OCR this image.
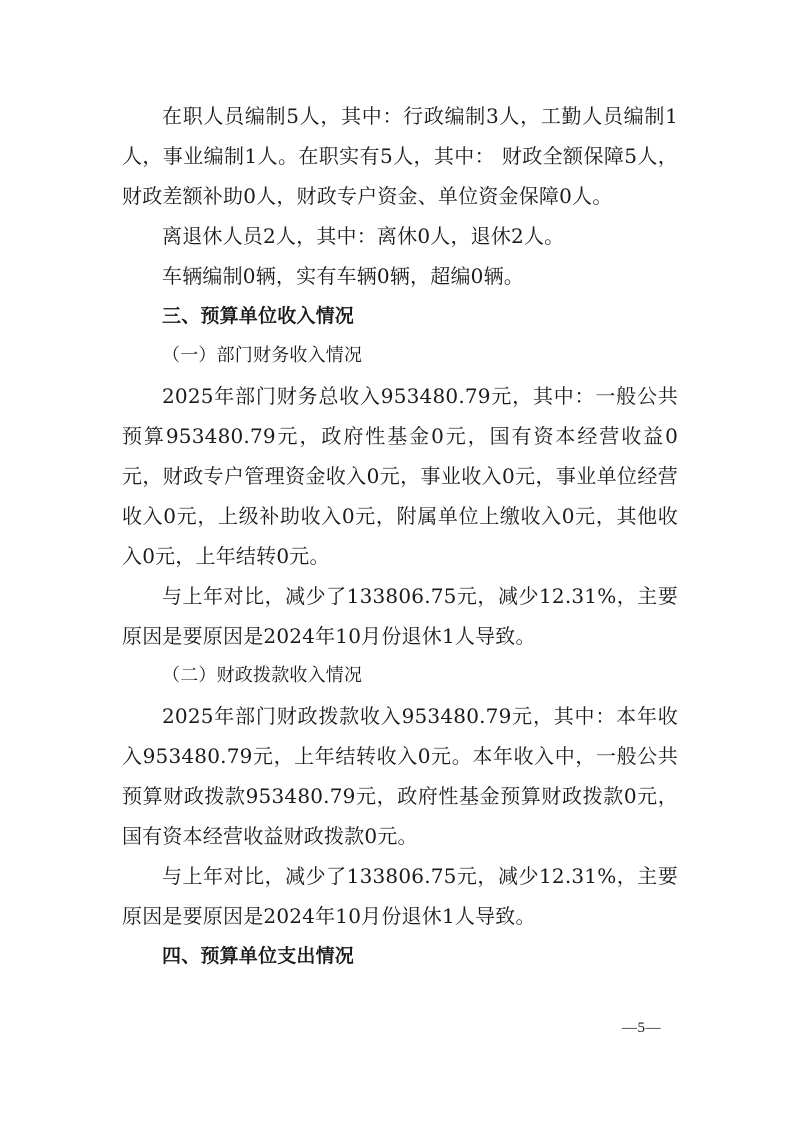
在职人员编制5人，其中：行政编制3人，工勤人员编制1人，事业编制1人。在职实有5人，其中： 财政全额保障5人，财政差额补助0人，财政专户资金、单位资金保障0人。

离退休人员2人，其中：离休0人，退休2人。

车辆编制0辆，实有车辆0辆，超编0辆。

三、预算单位收入情况

（一）部门财务收入情况

2025年部门财务总收入953480.79元，其中：一般公共预算953480.79元，政府性基金0元，国有资本经营收益0元，财政专户管理资金收入0元，事业收入0元，事业单位经营收入0元，上级补助收入0元，附属单位上缴收入0元，其他收入0元，上年结转0元。

与上年对比，减少了133806.75元，减少12.31%，主要原因是要原因是2024年10月份退休1人导致。

（二）财政拨款收入情况

2025年部门财政拨款收入953480.79元，其中：本年收入953480.79元，上年结转收入0元。本年收入中，一般公共预算财政拨款953480.79元，政府性基金预算财政拨款0元，国有资本经营收益财政拨款0元。

与上年对比，减少了133806.75元，减少12.31%，主要原因是要原因是2024年10月份退休1人导致。

四、预算单位支出情况

—5—
